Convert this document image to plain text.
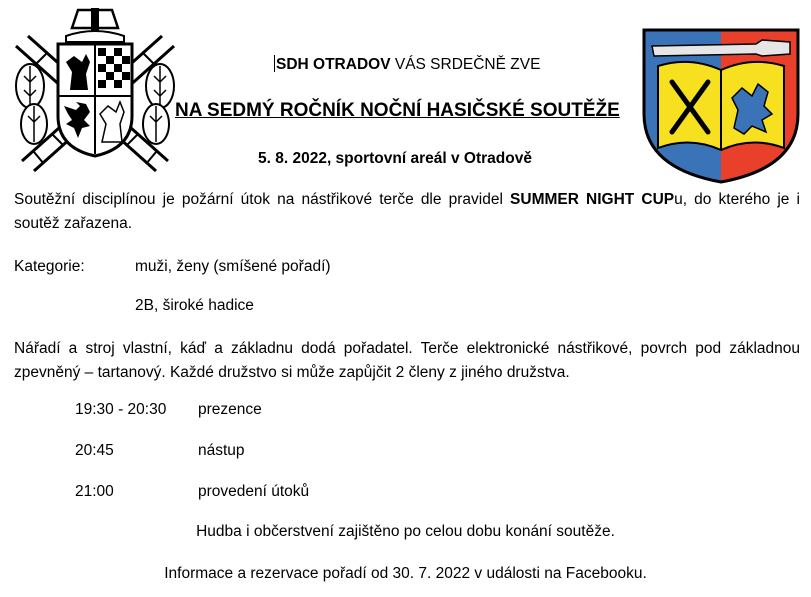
SDH OTRADOV VÁS SRDEČNĚ ZVE
NA SEDMÝ ROČNÍK NOČNÍ HASIČSKÉ SOUTĚŽE
5. 8. 2022, sportovní areál v Otradově
Soutěžní disciplínou je požární útok na nástřikové terče dle pravidel SUMMER NIGHT CUPu, do kterého je i soutěž zařazena.
Kategorie:	muži, ženy (smíšené pořadí)
2B, široké hadice
Nářadí a stroj vlastní, káď a základnu dodá pořadatel. Terče elektronické nástřikové, povrch pod základnou zpevněný – tartanový. Každé družstvo si může zapůjčit 2 členy z jiného družstva.
19:30 - 20:30 prezence
20:45	nástup
21:00	provedení útoků
Hudba i občerstvení zajištěno po celou dobu konání soutěže.
Informace a rezervace pořadí od 30. 7. 2022 v události na Facebooku.
